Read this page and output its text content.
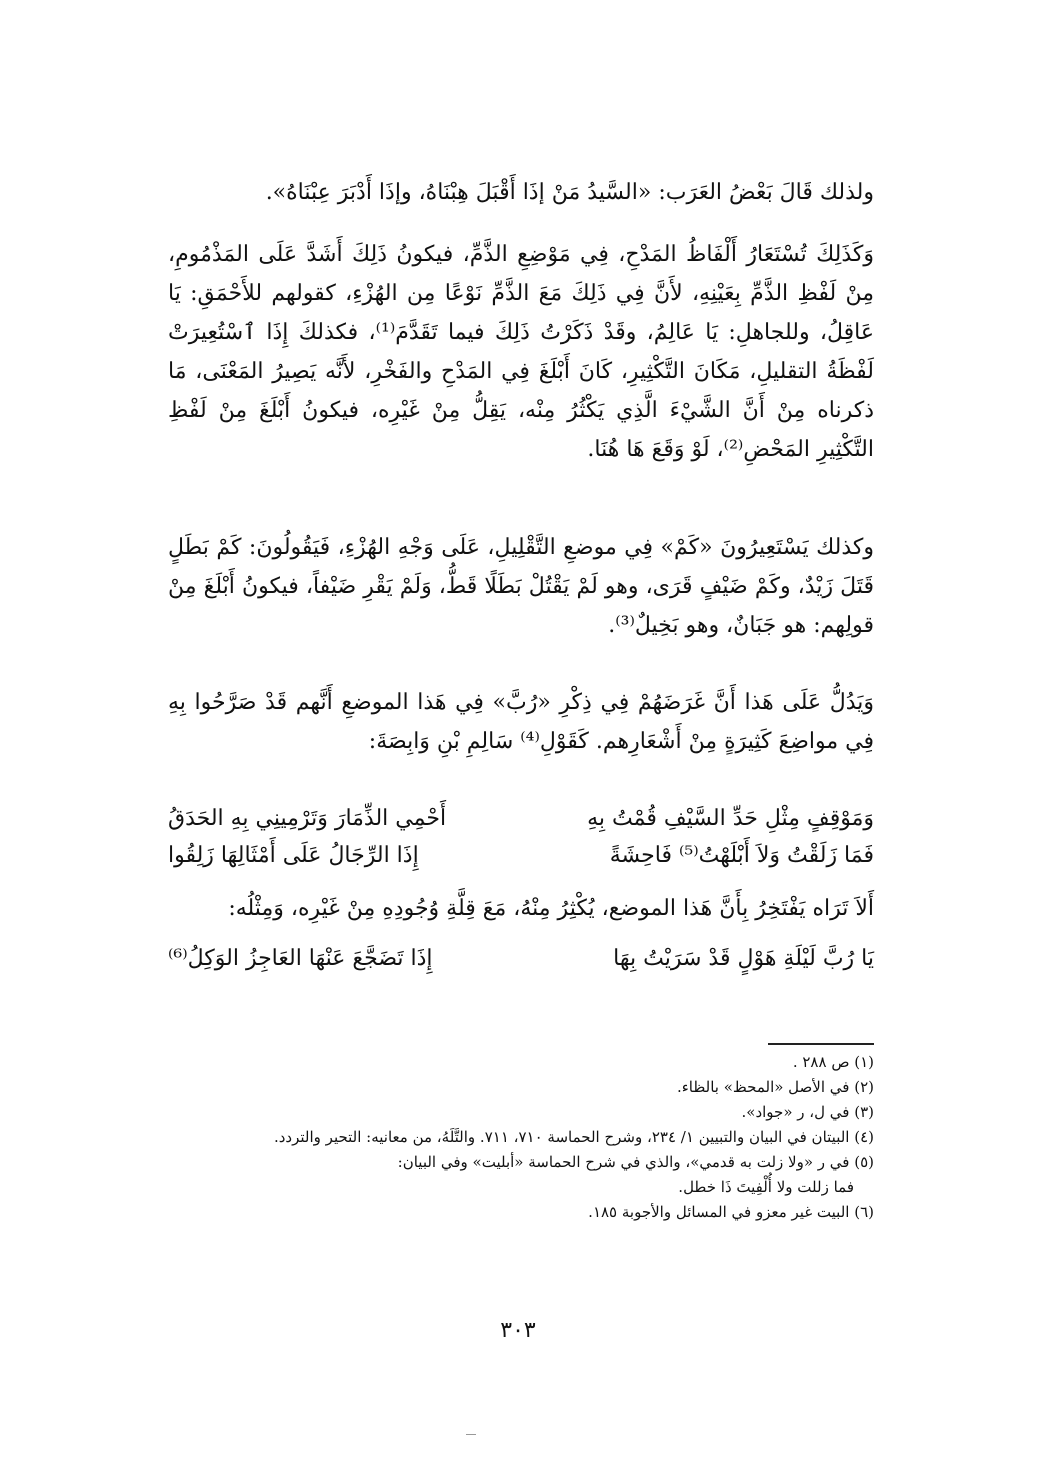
ولذلك قَالَ بَعْضُ العَرَب: «السَّيدُ مَنْ إذَا أَقْبَلَ هِبْنَاهُ، وإذَا أَدْبَرَ عِبْنَاهُ».

وَكَذَلِكَ تُسْتَعَارُ أَلْفَاظُ المَدْحِ، فِي مَوْضِعِ الذَّمِّ، فيكونُ ذَلِكَ أَشَدَّ عَلَى المَذْمُومِ، مِنْ لَفْظِ الذَّمِّ بِعَيْنِهِ، لأَنَّ فِي ذَلِكَ مَعَ الذَّمِّ نَوْعًا مِن الهُزْءِ، كقولهم للأَحْمَقِ: يَا عَاقِلُ، وللجاهلِ: يَا عَالِمُ، وقَدْ ذَكَرْتُ ذَلِكَ فيما تَقَدَّمَ⁽¹⁾، فكذلكَ إِذَا ٱسْتُعِيرَتْ لَفْظَةُ التقليلِ، مَكَانَ التَّكْثِيرِ، كَانَ أَبْلَغَ فِي المَدْحِ والفَخْرِ، لأَنَّه يَصِيرُ المَعْنَى، مَا ذكرناه مِنْ أَنَّ الشَّيْءَ الَّذِي يَكْثُرُ مِنْه، يَقِلُّ مِنْ غَيْرِه، فيكونُ أَبْلَغَ مِنْ لَفْظِ التَّكْثِيرِ المَحْضِ⁽²⁾، لَوْ وَقَعَ هَا هُنَا.

وكذلك يَسْتَعِيرُونَ «كَمْ» فِي موضعِ التَّقْلِيلِ، عَلَى وَجْهِ الهُزْءِ، فَيَقُولُونَ: كَمْ بَطَلٍ قَتَلَ زَيْدٌ، وكَمْ ضَيْفٍ قَرَى، وهو لَمْ يَقْتُلْ بَطَلًا قَطُّ، وَلَمْ يَقْرِ ضَيْفاً، فيكونُ أَبْلَغَ مِنْ قولِهم: هو جَبَانٌ، وهو بَخِيلٌ⁽³⁾.

وَيَدُلُّ عَلَى هَذا أَنَّ غَرَضَهُمْ فِي ذِكْرِ «رُبَّ» فِي هَذا الموضعِ أَنَّهم قَدْ صَرَّحُوا بِهِ فِي مواضِعَ كَثِيرَةٍ مِنْ أَشْعَارِهم. كَقَوْلِ⁽⁴⁾ سَالِمِ بْنِ وَابِصَةَ:

وَمَوْقِفٍ مِثْلِ حَدِّ السَّيْفِ قُمْتُ بِهِ
أَحْمِي الذِّمَارَ وَتَرْمِينِي بِهِ الحَدَقُ
فَمَا زَلَقْتُ وَلاَ أَبْلَهْتُ⁽⁵⁾ فَاحِشَةً
إِذَا الرِّجَالُ عَلَى أَمْثَالِهَا زَلِقُوا

أَلاَ تَرَاه يَفْتَخِرُ بِأَنَّ هَذا الموضع، يُكْثِرُ مِنْهُ، مَعَ قِلَّةِ وُجُودِهِ مِنْ غَيْرِه، وَمِثْلُه:

يَا رُبَّ لَيْلَةِ هَوْلٍ قَدْ سَرَيْتُ بِهَا
إِذَا تَضَجَّعَ عَنْهَا العَاجِزُ الوَكِلُ⁽⁶⁾

(١) ص ٢٨٨ .

(٢) في الأصل «المحظ» بالظاء.

(٣) في ل، ر «جواد».

(٤) البيتان في البيان والتبيين ١/ ٢٣٤، وشرح الحماسة ٧١٠، ٧١١. والتَّلَهُ، من معانيه: التحير والتردد.

(٥) في ر «ولا زلت به قدمي»، والذي في شرح الحماسة «أبليت» وفي البيان:

فما زللت ولا أُلْفِيتَ ذَا خطل.

(٦) البيت غير معزو في المسائل والأجوبة ١٨٥.

٣٠٣
